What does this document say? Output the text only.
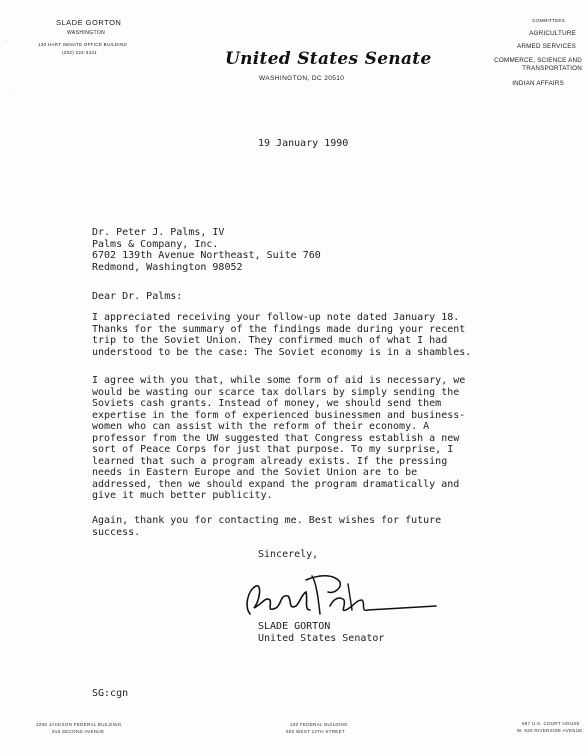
SLADE GORTON
WASHINGTON
130 HART SENATE OFFICE BUILDING
(202) 224-3441
·
·
United States Senate
WASHINGTON, DC 20510
COMMITTEES
AGRICULTURE
ARMED SERVICES
COMMERCE, SCIENCE AND TRANSPORTATION
INDIAN AFFAIRS
19 January 1990
Dr. Peter J. Palms, IV
Palms & Company, Inc.
6702 139th Avenue Northeast, Suite 760
Redmond, Washington 98052
Dear Dr. Palms:
I appreciated receiving your follow-up note dated January 18.
Thanks for the summary of the findings made during your recent
trip to the Soviet Union. They confirmed much of what I had
understood to be the case: The Soviet economy is in a shambles.
I agree with you that, while some form of aid is necessary, we
would be wasting our scarce tax dollars by simply sending the
Soviets cash grants. Instead of money, we should send them
expertise in the form of experienced businessmen and business-
women who can assist with the reform of their economy. A
professor from the UW suggested that Congress establish a new
sort of Peace Corps for just that purpose. To my surprise, I
learned that such a program already exists. If the pressing
needs in Eastern Europe and the Soviet Union are to be
addressed, then we should expand the program dramatically and
give it much better publicity.
Again, thank you for contacting me. Best wishes for future
success.
Sincerely,
SLADE GORTON
United States Senator
SG:cgn
3206 JACKSON FEDERAL BUILDING
915 SECOND AVENUE
130 FEDERAL BUILDING
500 WEST 12TH STREET
697 U.S. COURT HOUSE
W. 920 RIVERSIDE AVENUE
